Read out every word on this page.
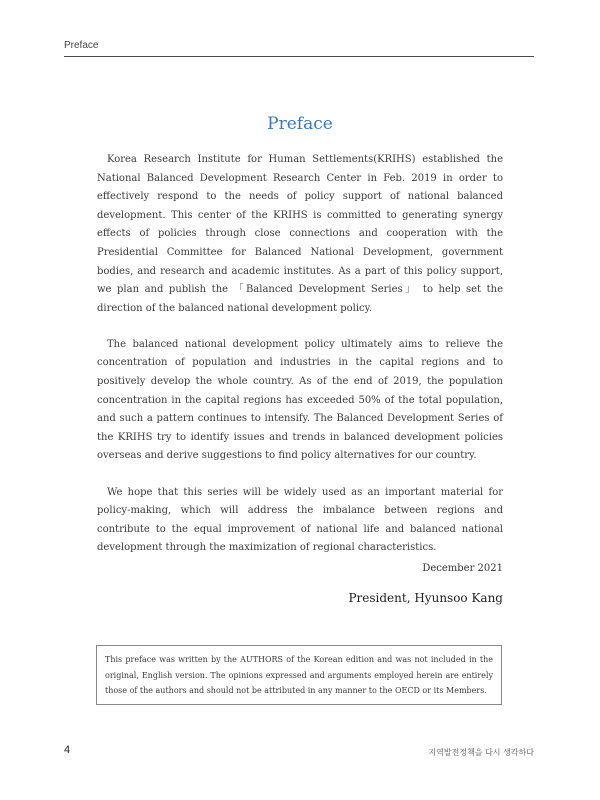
Preface
Preface

Korea Research Institute for Human Settlements(KRIHS) established the National Balanced Development Research Center in Feb. 2019 in order to effectively respond to the needs of policy support of national balanced development. This center of the KRIHS is committed to generating synergy effects of policies through close connections and cooperation with the Presidential Committee for Balanced National Development, government bodies, and research and academic institutes. As a part of this policy support, we plan and publish the 「Balanced Development Series」 to help set the direction of the balanced national development policy.

The balanced national development policy ultimately aims to relieve the concentration of population and industries in the capital regions and to positively develop the whole country. As of the end of 2019, the population concentration in the capital regions has exceeded 50% of the total population, and such a pattern continues to intensify. The Balanced Development Series of the KRIHS try to identify issues and trends in balanced development policies overseas and derive suggestions to find policy alternatives for our country.

We hope that this series will be widely used as an important material for policy-making, which will address the imbalance between regions and contribute to the equal improvement of national life and balanced national development through the maximization of regional characteristics.

December 2021
President, Hyunsoo Kang
This preface was written by the AUTHORS of the Korean edition and was not included in the original, English version. The opinions expressed and arguments employed herein are entirely those of the authors and should not be attributed in any manner to the OECD or its Members.
4	지역발전정책을 다시 생각하다
